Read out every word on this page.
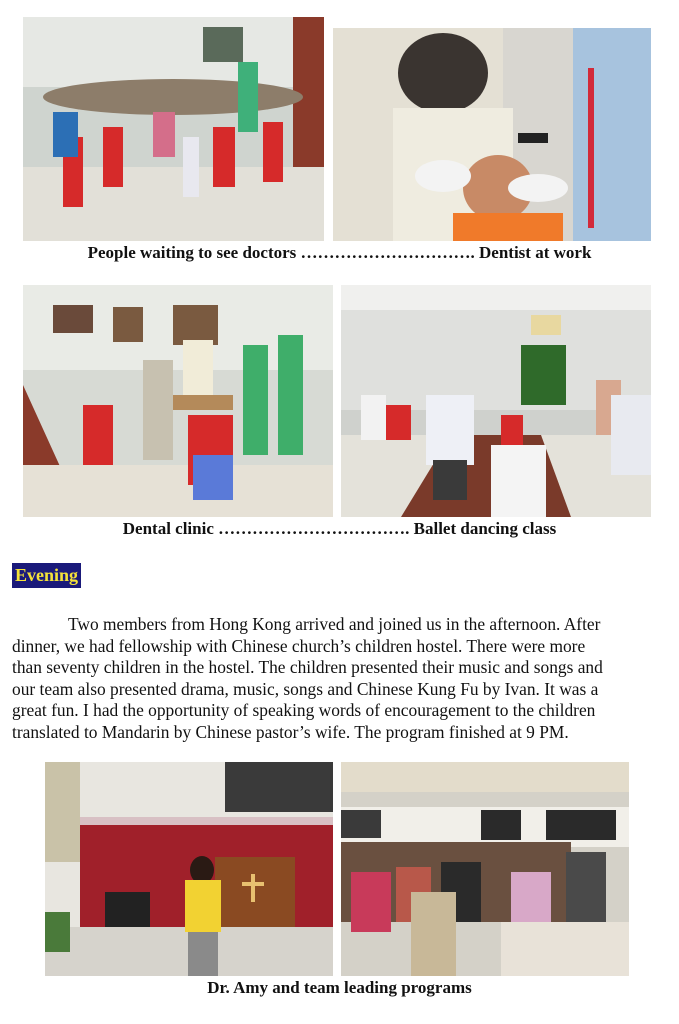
People waiting to see doctors …………………………. Dentist at work
Dental clinic ……………………………. Ballet dancing class
Evening
Two members from Hong Kong arrived and joined us in the afternoon. After
dinner, we had fellowship with Chinese church’s children hostel. There were more
than seventy children in the hostel. The children presented their music and songs and
our team also presented drama, music, songs and Chinese Kung Fu by Ivan. It was a
great fun. I had the opportunity of speaking words of encouragement to the children
translated to Mandarin by Chinese pastor’s wife. The program finished at 9 PM.
Dr. Amy and team leading programs
